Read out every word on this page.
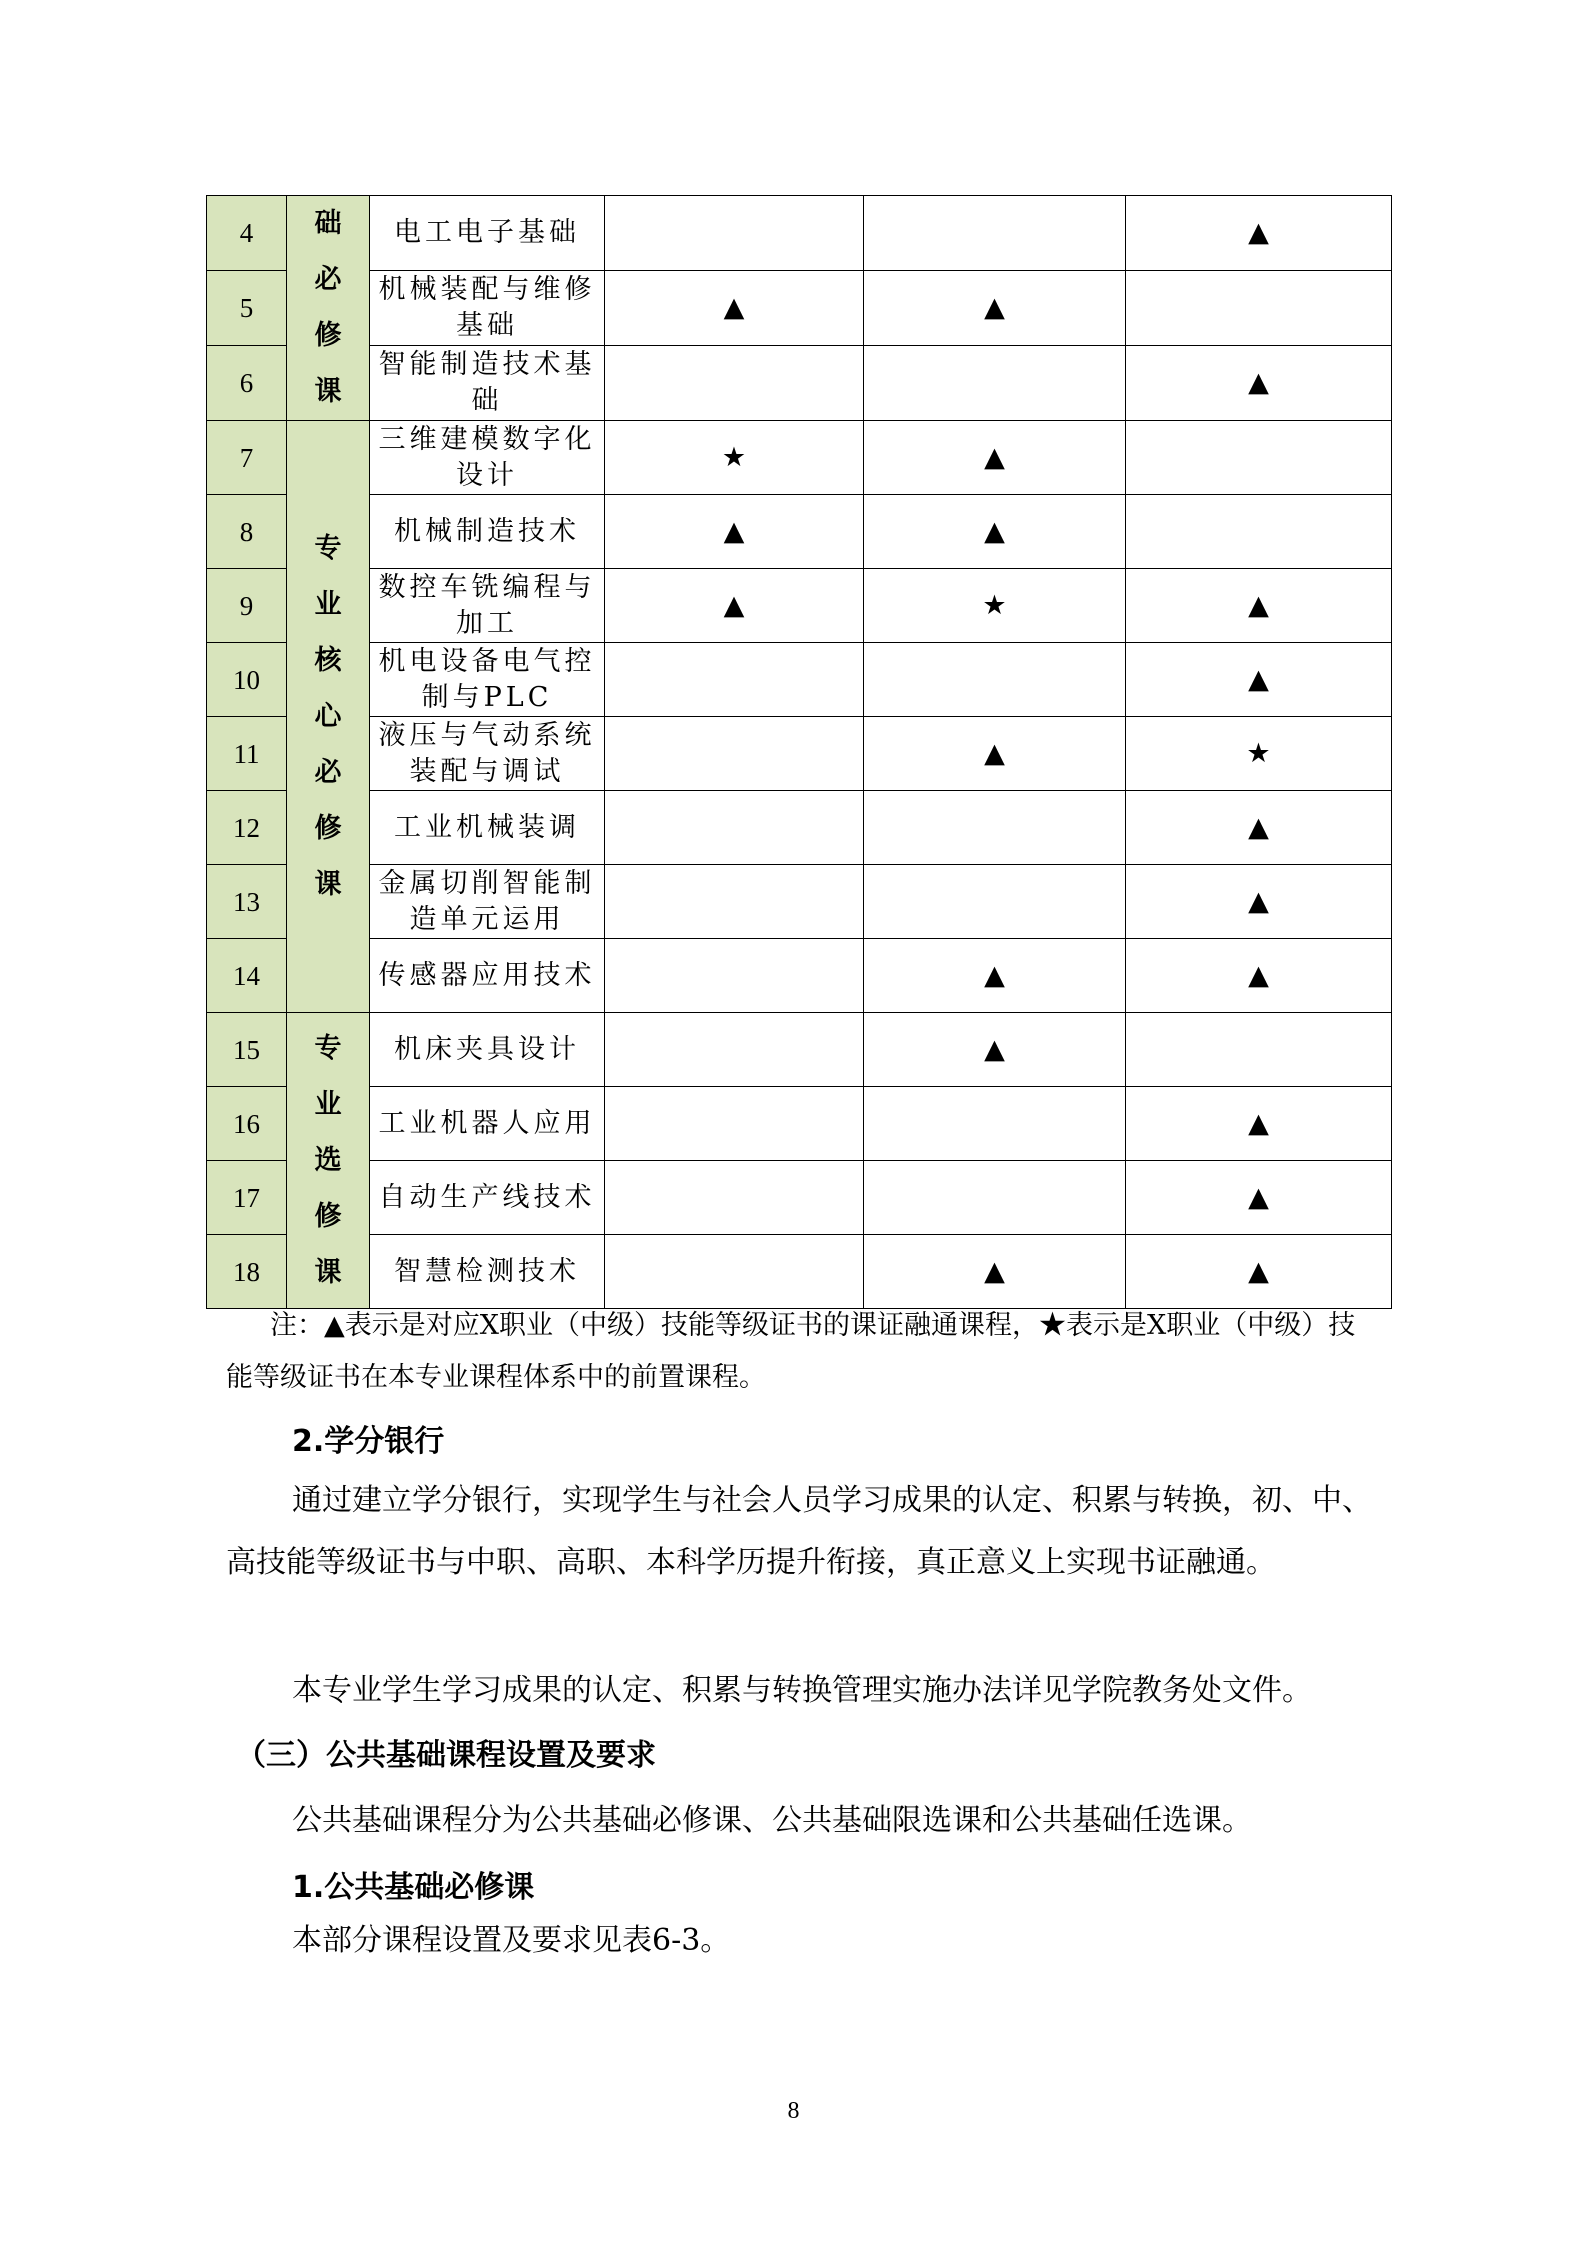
4	础必修课	电工电子基础			▲
5		机械装配与维修基础	▲	▲	
6		智能制造技术基础			▲
7	专业核心必修课	三维建模数字化设计	★	▲	
8		机械制造技术	▲	▲	
9		数控车铣编程与加工	▲	★	▲
10		机电设备电气控制与PLC			▲
11		液压与气动系统装配与调试		▲	★
12		工业机械装调			▲
13		金属切削智能制造单元运用			▲
14		传感器应用技术		▲	▲
15	专业选修课	机床夹具设计		▲	
16		工业机器人应用			▲
17		自动生产线技术			▲
18		智慧检测技术		▲	▲

注：▲表示是对应X职业（中级）技能等级证书的课证融通课程，★表示是X职业（中级）技能等级证书在本专业课程体系中的前置课程。

2.学分银行

通过建立学分银行，实现学生与社会人员学习成果的认定、积累与转换，初、中、高技能等级证书与中职、高职、本科学历提升衔接，真正意义上实现书证融通。

本专业学生学习成果的认定、积累与转换管理实施办法详见学院教务处文件。

（三）公共基础课程设置及要求

公共基础课程分为公共基础必修课、公共基础限选课和公共基础任选课。

1.公共基础必修课

本部分课程设置及要求见表6-3。

8
